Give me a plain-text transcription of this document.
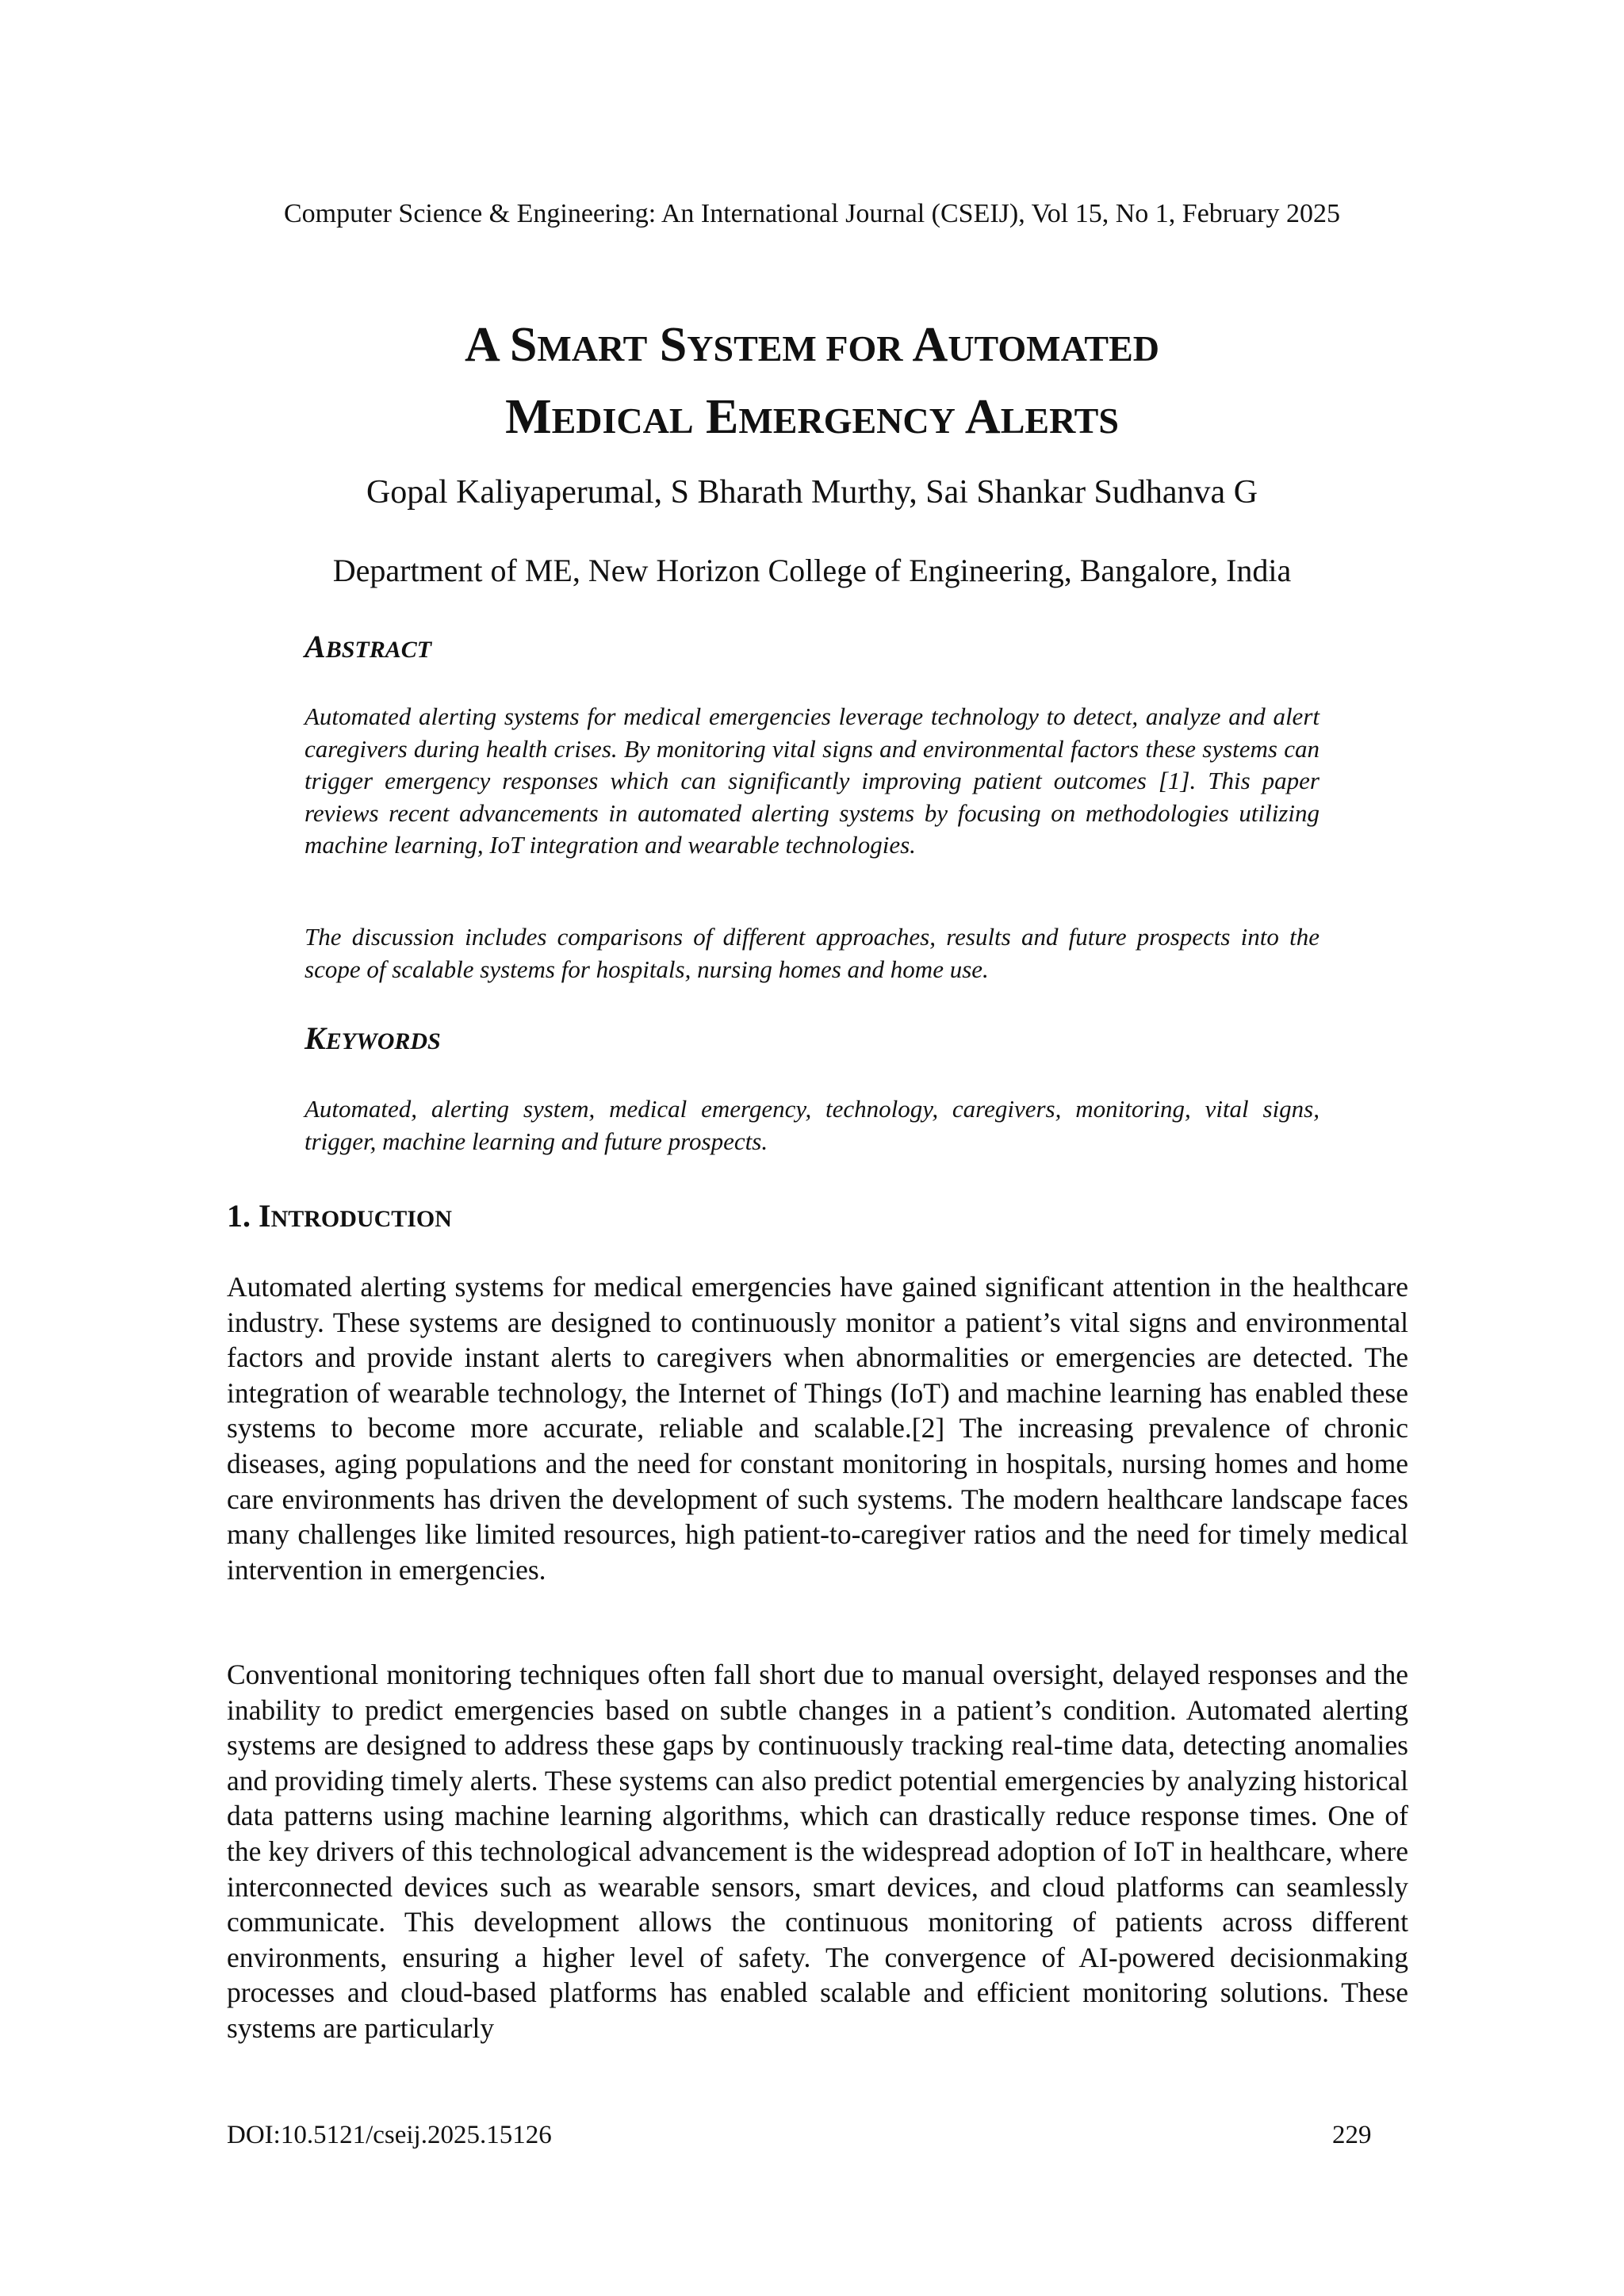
Computer Science & Engineering: An International Journal (CSEIJ), Vol 15, No 1, February 2025
A SMART SYSTEM FOR AUTOMATED
MEDICAL EMERGENCY ALERTS
Gopal Kaliyaperumal, S Bharath Murthy, Sai Shankar Sudhanva G
Department of ME, New Horizon College of Engineering, Bangalore, India
ABSTRACT

Automated alerting systems for medical emergencies leverage technology to detect, analyze and alert caregivers during health crises. By monitoring vital signs and environmental factors these systems can trigger emergency responses which can significantly improving patient outcomes [1]. This paper reviews recent advancements in automated alerting systems by focusing on methodologies utilizing machine learning, IoT integration and wearable technologies.

The discussion includes comparisons of different approaches, results and future prospects into the scope of scalable systems for hospitals, nursing homes and home use.

KEYWORDS

Automated, alerting system, medical emergency, technology, caregivers, monitoring, vital signs, trigger, machine learning and future prospects.

1. INTRODUCTION

Automated alerting systems for medical emergencies have gained significant attention in the healthcare industry. These systems are designed to continuously monitor a patient’s vital signs and environmental factors and provide instant alerts to caregivers when abnormalities or emergencies are detected. The integration of wearable technology, the Internet of Things (IoT) and machine learning has enabled these systems to become more accurate, reliable and scalable.[2] The increasing prevalence of chronic diseases, aging populations and the need for constant monitoring in hospitals, nursing homes and home care environments has driven the development of such systems. The modern healthcare landscape faces many challenges like limited resources, high patient-to-caregiver ratios and the need for timely medical intervention in emergencies.

Conventional monitoring techniques often fall short due to manual oversight, delayed responses and the inability to predict emergencies based on subtle changes in a patient’s condition. Automated alerting systems are designed to address these gaps by continuously tracking real-time data, detecting anomalies and providing timely alerts. These systems can also predict potential emergencies by analyzing historical data patterns using machine learning algorithms, which can drastically reduce response times. One of the key drivers of this technological advancement is the widespread adoption of IoT in healthcare, where interconnected devices such as wearable sensors, smart devices, and cloud platforms can seamlessly communicate. This development allows the continuous monitoring of patients across different environments, ensuring a higher level of safety. The convergence of AI-powered decisionmaking processes and cloud-based platforms has enabled scalable and efficient monitoring solutions. These systems are particularly

DOI:10.5121/cseij.2025.15126	229
